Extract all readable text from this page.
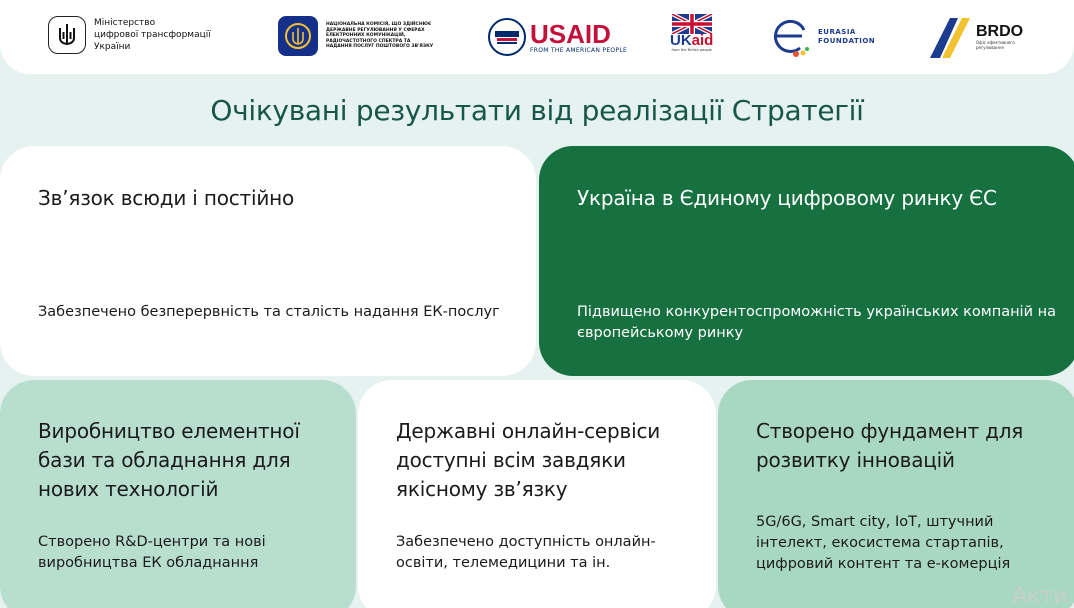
Міністерство
цифрової трансформації
України
НАЦІОНАЛЬНА КОМІСІЯ, ЩО ЗДІЙСНЮЄ ДЕРЖАВНЕ РЕГУЛЮВАННЯ У СФЕРАХ ЕЛЕКТРОННИХ КОМУНІКАЦІЙ, РАДІОЧАСТОТНОГО СПЕКТРА ТА НАДАННЯ ПОСЛУГ ПОШТОВОГО ЗВ'ЯЗКУ	USAID
FROM THE AMERICAN PEOPLE
UKaid
from the British people
EURASIA
FOUNDATION
BRDO
Офіс ефективного регулювання
Очікувані результати від реалізації Стратегії
Зв’язок всюди і постійно
Забезпечено безперервність та сталість надання ЕК-послуг
Україна в Єдиному цифровому ринку ЄС
Підвищено конкурентоспроможність українських компаній на європейському ринку
Виробництво елементної бази та обладнання для нових технологій
Створено R&D-центри та нові виробництва ЕК обладнання
Державні онлайн-сервіси доступні всім завдяки якісному зв’язку
Забезпечено доступність онлайн-освіти, телемедицини та ін.
Створено фундамент для розвитку інновацій
5G/6G, Smart city, IoT, штучний інтелект, екосистема стартапів, цифровий контент та е-комерція
Акти
